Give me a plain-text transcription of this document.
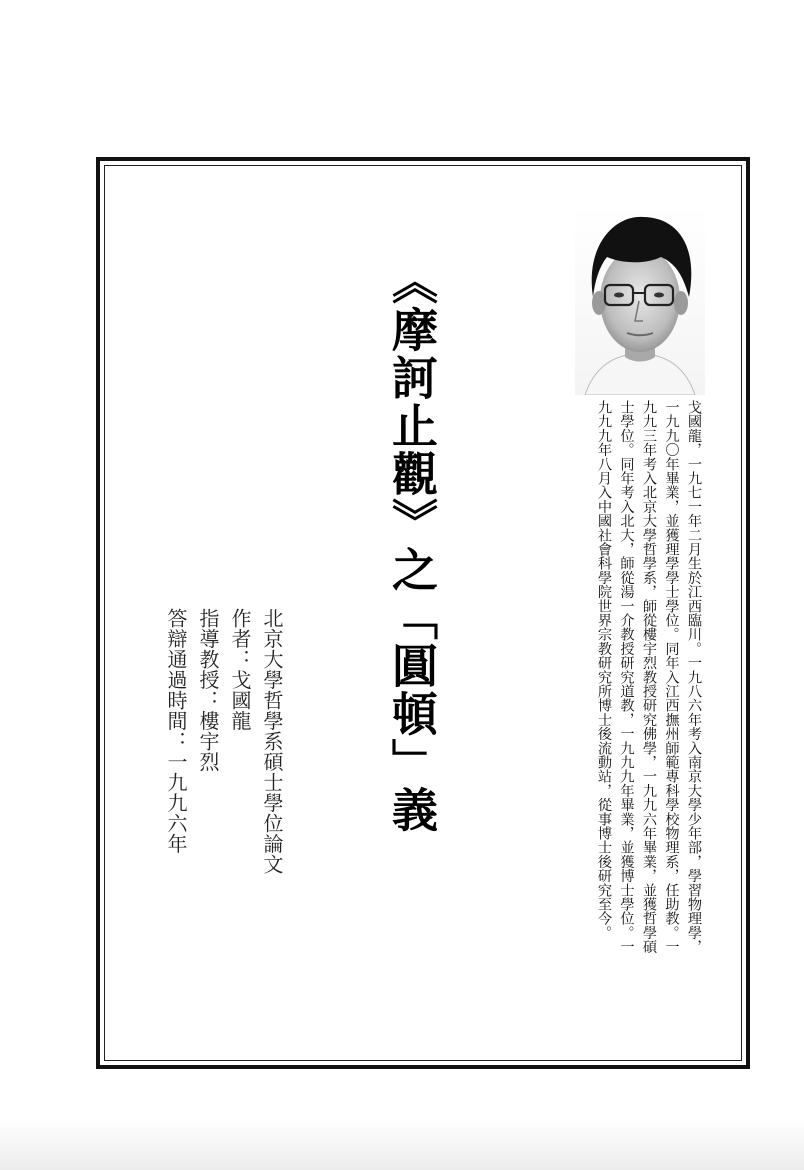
《摩訶止觀》之「圓頓」義
北京大學哲學系碩士學位論文
作者：戈國龍
指導教授：樓宇烈
答辯通過時間：一九九六年	戈國龍，一九七一年二月生於江西臨川。一九八六年考入南京大學少年部，學習物理學，一九九〇年畢業，並獲理學學士學位。同年入江西撫州師範專科學校物理系，任助教。一九九三年考入北京大學哲學系，師從樓宇烈教授研究佛學，一九九六年畢業，並獲哲學碩士學位。同年考入北大，師從湯一介教授研究道教，一九九九年畢業，並獲博士學位。一九九九年八月入中國社會科學院世界宗教研究所博士後流動站，從事博士後研究至今。
